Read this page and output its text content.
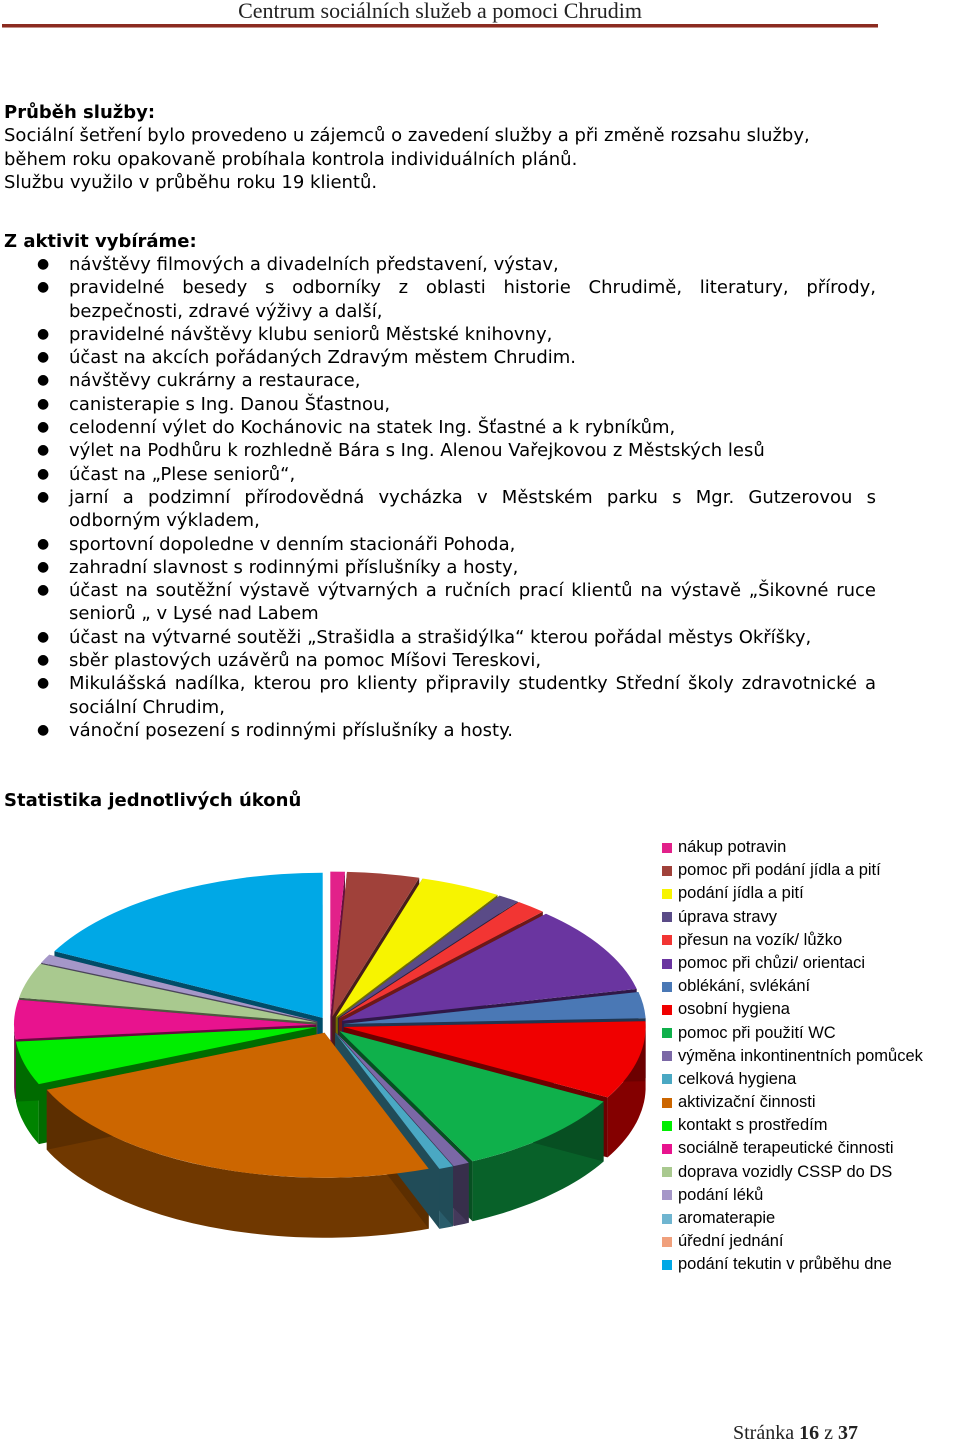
Centrum sociálních služeb a pomoci Chrudim
Průběh služby:
Sociální šetření bylo provedeno u zájemců o zavedení služby a při změně rozsahu služby,
během roku opakovaně probíhala kontrola individuálních plánů.
Službu využilo v průběhu roku 19 klientů.
Z aktivit vybíráme:
● návštěvy filmových a divadelních představení, výstav,
● pravidelné besedy s odborníky z oblasti historie Chrudimě, literatury, přírody, bezpečnosti, zdravé výživy a další,
● pravidelné návštěvy klubu seniorů Městské knihovny,
● účast na akcích pořádaných Zdravým městem Chrudim.
● návštěvy cukrárny a restaurace,
● canisterapie s Ing. Danou Šťastnou,
● celodenní výlet do Kochánovic na statek Ing. Šťastné a k rybníkům,
● výlet na Podhůru k rozhledně Bára s Ing. Alenou Vařejkovou z Městských lesů
● účast na „Plese seniorů“,
● jarní a podzimní přírodovědná vycházka v Městském parku s Mgr. Gutzerovou s odborným výkladem,
● sportovní dopoledne v denním stacionáři Pohoda,
● zahradní slavnost s rodinnými příslušníky a hosty,
● účast na soutěžní výstavě výtvarných a ručních prací klientů na výstavě „Šikovné ruce seniorů „ v Lysé nad Labem
● účast na výtvarné soutěži „Strašidla a strašidýlka“ kterou pořádal městys Okříšky,
● sběr plastových uzávěrů na pomoc Míšovi Tereskovi,
● Mikulášská nadílka, kterou pro klienty připravily studentky Střední školy zdravotnické a sociální Chrudim,
● vánoční posezení s rodinnými příslušníky a hosty.
Statistika jednotlivých úkonů
nákup potravin
pomoc při podání jídla a pití
podání jídla a pití
úprava stravy
přesun na vozík/ lůžko
pomoc při chůzi/ orientaci
oblékání, svlékání
osobní hygiena
pomoc při použití WC
výměna inkontinentních pomůcek
celková hygiena
aktivizační činnosti
kontakt s prostředím
sociálně terapeutické činnosti
doprava vozidly CSSP do DS
podání léků
aromaterapie
úřední jednání
podání tekutin v průběhu dne
Stránka 16 z 37
